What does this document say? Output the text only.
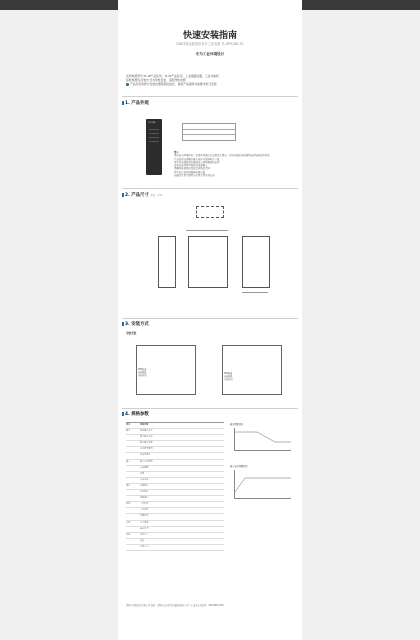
快速安装指南
DIN导轨电源适用本安工业电源 TL-RPS180-51
专为工业环境设计
适用电源型号:TL-IP产品系列、TL-IP产品系列、工业级路由器、工业交换机
标配电源线:安装方式为导轨安装，适配导轨电源
产品所需电源与安装位置等相关信息，请按产品说明书的要求进行安装
1. 产品外观
TP-LINK
警示
请在室内环境使用，使用环境温度应在规定范围内，否则可能影响电源性能或缩短使用寿命
产品使用前请确认输入电压与铭牌标注一致
请勿将电源放置在潮湿或有液体溅落的位置
安装与拆卸时请先断开电源输入
请确保电源周边保留足够散热空间
请勿自行拆卸或维修电源内部
如遇异常请立即停止使用并联系供应商
2. 产品尺寸 单位：mm
3. 安装方式
导轨安装
DIN轨道
安装插孔
卡扣挂钩
DIN轨道
安装插孔
卡扣挂钩
4. 规格参数
项目	规格参数
输出	直流输出电压
额定输出电流
额定输出功率
电压调节范围
纹波及噪声
输入	输入电压范围
交流频率
效率
交流电流
保护	过载保护
过压保护
短路保护
环境	工作温度
工作湿度
存储温度
安规	安全规范
EMC传导
其他	外形尺寸
重量
冷却方式
输出降额曲线
输入电压降额曲线
深圳市普联技术有限公司 地址：深圳市南山区深南路科技园工业厂房 技术支持热线：400-8863-400
